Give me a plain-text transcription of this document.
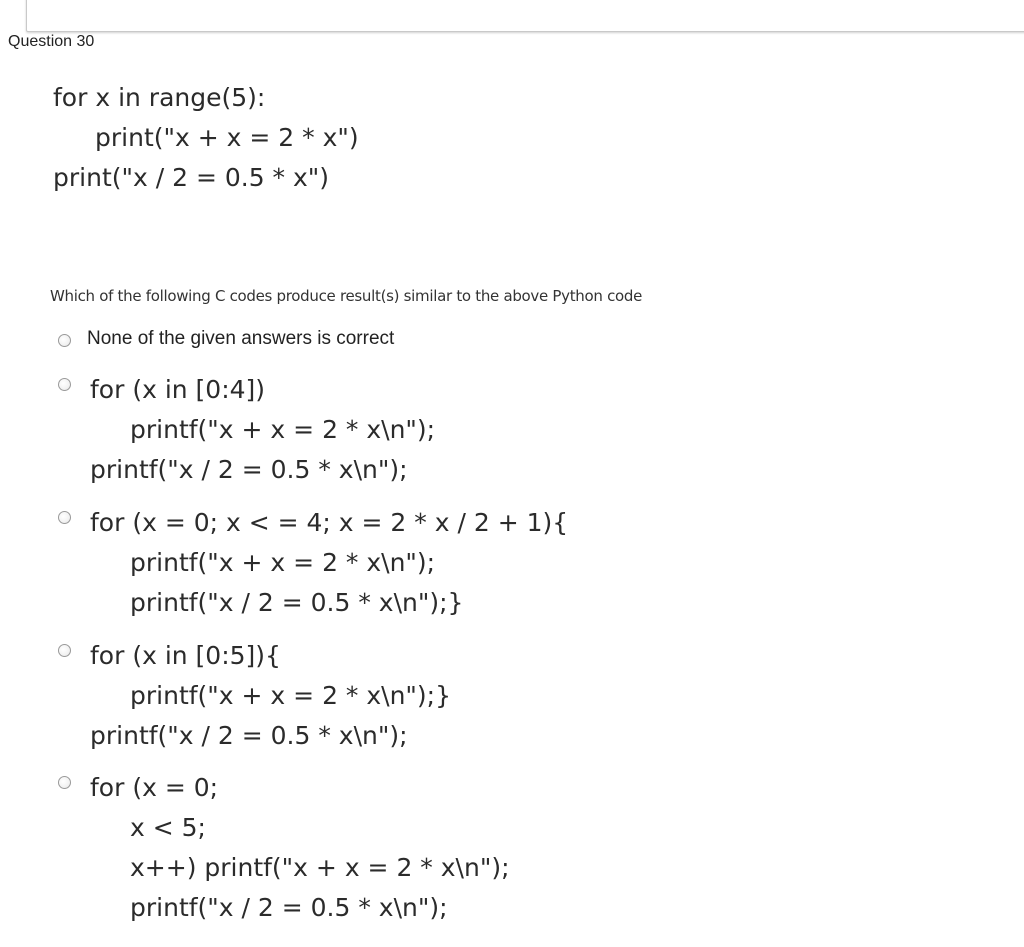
Question 30
for x in range(5):
print("x + x = 2 * x")
print("x / 2 = 0.5 * x")
Which of the following C codes produce result(s) similar to the above Python code
None of the given answers is correct
for (x in [0:4])
printf("x + x = 2 * x\n");
printf("x / 2 = 0.5 * x\n");
for (x = 0; x < = 4; x = 2 * x / 2 + 1){
printf("x + x = 2 * x\n");
printf("x / 2 = 0.5 * x\n");}
for (x in [0:5]){
printf("x + x = 2 * x\n");}
printf("x / 2 = 0.5 * x\n");
for (x = 0;
x < 5;
x++) printf("x + x = 2 * x\n");
printf("x / 2 = 0.5 * x\n");
